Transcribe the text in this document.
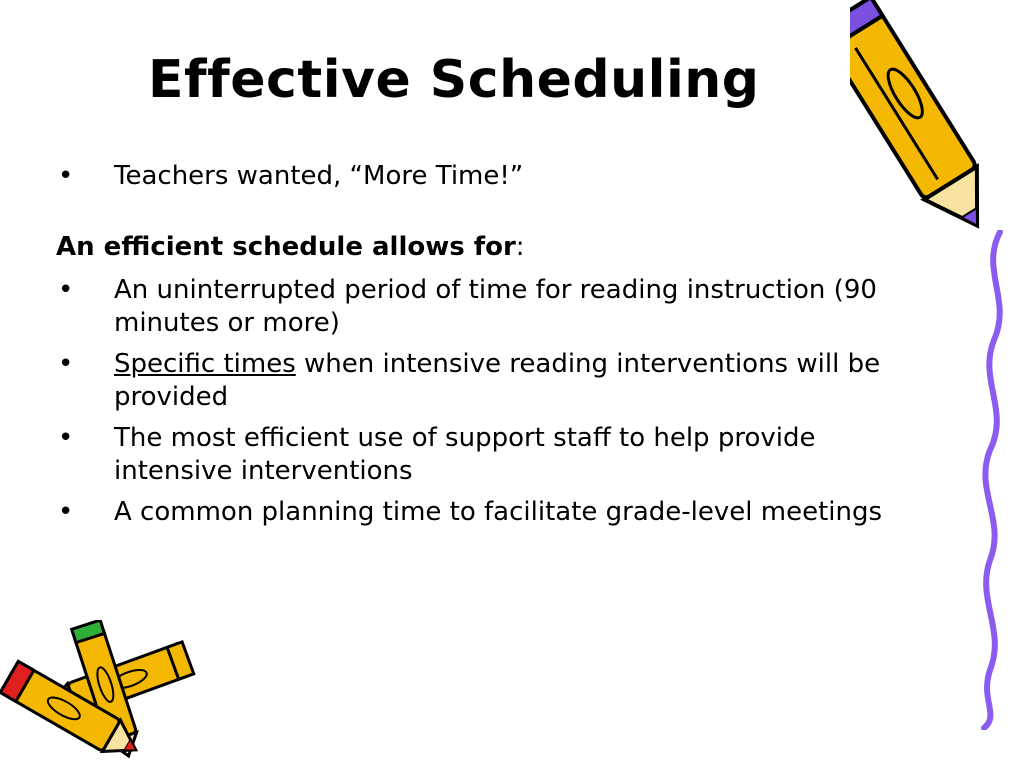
Effective Scheduling
• Teachers wanted, “More Time!”
An efficient schedule allows for:
• An uninterrupted period of time for reading instruction (90 minutes or more)
• Specific times when intensive reading interventions will be provided
• The most efficient use of support staff to help provide intensive interventions
• A common planning time to facilitate grade-level meetings
